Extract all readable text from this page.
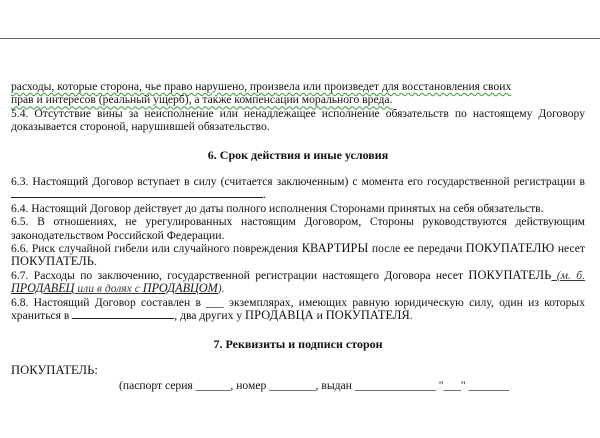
расходы, которые сторона, чье право нарушено, произвела или произведет для восстановления своих
прав и интересов (реальный ущерб), а также компенсации морального вреда.

5.4. Отсутствие вины за неисполнение или ненадлежащее исполнение обязательств по настоящему Договору доказывается стороной, нарушившей обязательство.

6. Срок действия и иные условия

6.3. Настоящий Договор вступает в силу (считается заключенным) с момента его государственной регистрации в .

6.4. Настоящий Договор действует до даты полного исполнения Сторонами принятых на себя обязательств.

6.5. В отношениях, не урегулированных настоящим Договором, Стороны руководствуются действующим законодательством Российской Федерации.

6.6. Риск случайной гибели или случайного повреждения КВАРТИРЫ после ее передачи ПОКУПАТЕЛЮ несет ПОКУПАТЕЛЬ.

6.7. Расходы по заключению, государственной регистрации настоящего Договора несет ПОКУПАТЕЛЬ (м. б. ПРОДАВЕЦ или в долях с ПРОДАВЦОМ).

6.8. Настоящий Договор составлен в ___ экземплярах, имеющих равную юридическую силу, один из которых храниться в	, два других у ПРОДАВЦА и ПОКУПАТЕЛЯ.

7. Реквизиты и подписи сторон

ПОКУПАТЕЛЬ:

(паспорт серия ______, номер ________, выдан ______________ "___" _______
